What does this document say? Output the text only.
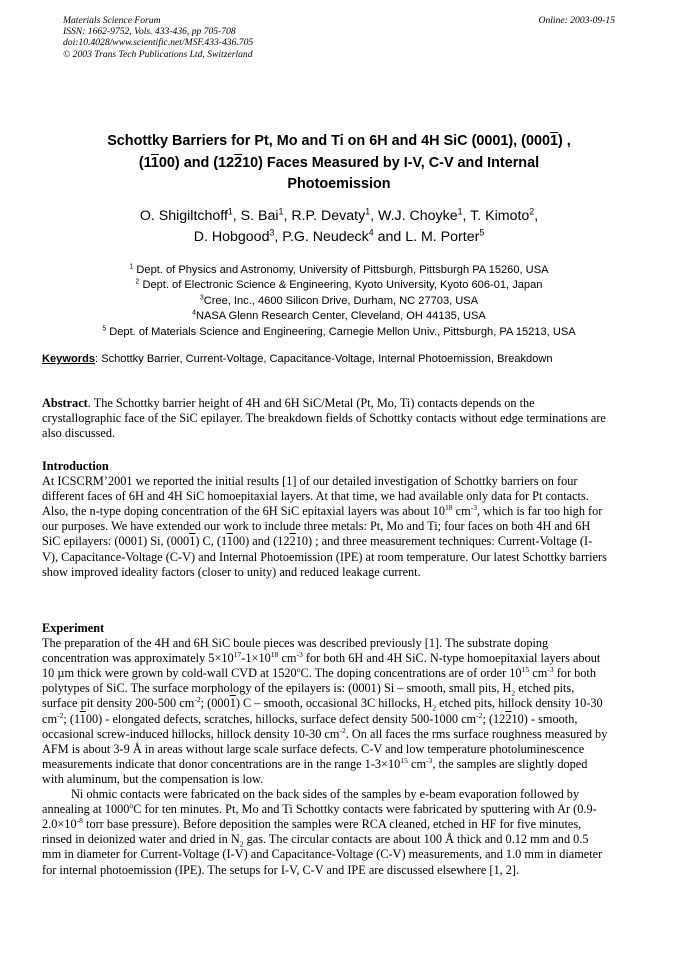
Materials Science Forum
ISSN: 1662-9752, Vols. 433-436, pp 705-708
doi:10.4028/www.scientific.net/MSF.433-436.705
© 2003 Trans Tech Publications Ltd, Switzerland
Online: 2003-09-15
Schottky Barriers for Pt, Mo and Ti on 6H and 4H SiC (0001), (0001) ,
(1100) and (12210) Faces Measured by I-V, C-V and Internal
Photoemission
O. Shigiltchoff$^1$, S. Bai$^1$, R.P. Devaty$^1$, W.J. Choyke$^1$, T. Kimoto$^2$,
D. Hobgood$^3$, P.G. Neudeck$^4$ and L. M. Porter$^5$
$^1$ Dept. of Physics and Astronomy, University of Pittsburgh, Pittsburgh PA 15260, USA
$^2$ Dept. of Electronic Science & Engineering, Kyoto University, Kyoto 606-01, Japan
$^3$Cree, Inc., 4600 Silicon Drive, Durham, NC 27703, USA
$^4$NASA Glenn Research Center, Cleveland, OH 44135, USA
$^5$ Dept. of Materials Science and Engineering, Carnegie Mellon Univ., Pittsburgh, PA 15213, USA
Keywords: Schottky Barrier, Current-Voltage, Capacitance-Voltage, Internal Photoemission, Breakdown

Abstract. The Schottky barrier height of 4H and 6H SiC/Metal (Pt, Mo, Ti) contacts depends on the crystallographic face of the SiC epilayer. The breakdown fields of Schottky contacts without edge terminations are also discussed.

Introduction

At ICSCRM’2001 we reported the initial results [1] of our detailed investigation of Schottky barriers on four different faces of 6H and 4H SiC homoepitaxial layers. At that time, we had available only data for Pt contacts. Also, the n-type doping concentration of the 6H SiC epitaxial layers was about $10^{18}$ $cm^{-3}$, which is far too high for our purposes. We have extended our work to include three metals: Pt, Mo and Ti; four faces on both 4H and 6H SiC epilayers: (0001) Si, (0001) C, (1100) and (12210) ; and three measurement techniques: Current-Voltage (I-V), Capacitance-Voltage (C-V) and Internal Photoemission (IPE) at room temperature. Our latest Schottky barriers show improved ideality factors (closer to unity) and reduced leakage current.

Experiment

The preparation of the 4H and 6H SiC boule pieces was described previously [1]. The substrate doping concentration was approximately $5\times 10^{17}-1\times 10^{18}$ $cm^{-3}$ for both 6H and 4H SiC. N-type homoepitaxial layers about 10 µm thick were grown by cold-wall CVD at 1520$^o$C. The doping concentrations are of order $10^{15}$ $cm^{-3}$ for both polytypes of SiC. The surface morphology of the epilayers is: (0001) Si – smooth, small pits, $H_2$ etched pits, surface pit density 200-500 $cm^{-2}$; (0001) C – smooth, occasional 3C hillocks, $H_2$ etched pits, hillock density 10-30 $cm^{-2}$; (1100) - elongated defects, scratches, hillocks, surface defect density 500-1000 $cm^{-2}$; (12210) - smooth, occasional screw-induced hillocks, hillock density 10-30 $cm^{-2}$. On all faces the rms surface roughness measured by AFM is about 3-9 Å in areas without large scale surface defects. C-V and low temperature photoluminescence measurements indicate that donor concentrations are in the range $1-3\times 10^{15}$ $cm^{-3}$, the samples are slightly doped with aluminum, but the compensation is low.

Ni ohmic contacts were fabricated on the back sides of the samples by e-beam evaporation followed by annealing at 1000$^o$C for ten minutes. Pt, Mo and Ti Schottky contacts were fabricated by sputtering with Ar ($0.9-2.0\times 10^{-8}$ torr base pressure). Before deposition the samples were RCA cleaned, etched in HF for five minutes, rinsed in deionized water and dried in $N_2$ gas. The circular contacts are about 100 Å thick and 0.12 mm and 0.5 mm in diameter for Current-Voltage (I-V) and Capacitance-Voltage (C-V) measurements, and 1.0 mm in diameter for internal photoemission (IPE). The setups for I-V, C-V and IPE are discussed elsewhere [1, 2].
